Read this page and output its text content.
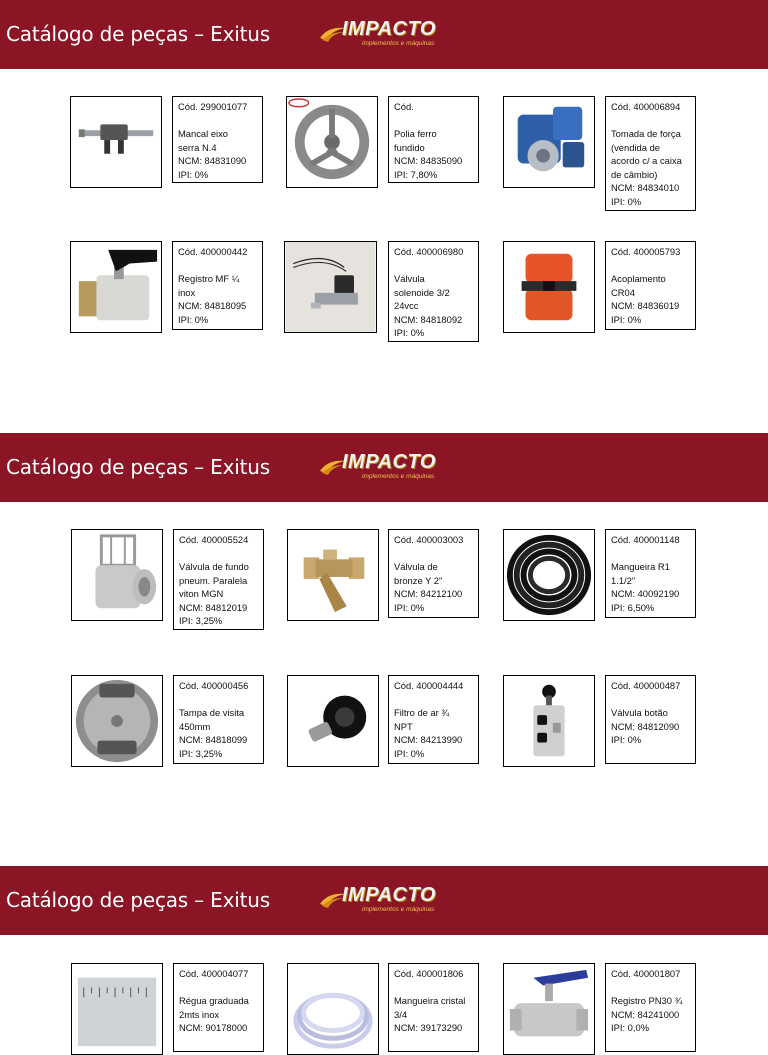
Catálogo de peças – Exitus	IMPACTO
implementos e máquinas
Cód. 299001077
Mancal eixo
serra N.4
NCM: 84831090
IPI: 0%
Cód.
Polia ferro
fundido
NCM: 84835090
IPI: 7,80%
Cód. 400006894
Tomada de força
(vendida de
acordo c/ a caixa
de câmbio)
NCM: 84834010
IPI: 0%
Cód. 400000442
Registro MF ¼
inox
NCM: 84818095
IPI: 0%
Cód. 400006980
Válvula
solenoide 3/2
24vcc
NCM: 84818092
IPI: 0%
Cód. 400005793
Acoplamento
CR04
NCM: 84836019
IPI: 0%
Catálogo de peças – Exitus	IMPACTO
implementos e máquinas
Cód. 400005524
Válvula de fundo
pneum. Paralela
viton MGN
NCM: 84812019
IPI: 3,25%
Cód. 400003003
Válvula de
bronze Y 2"
NCM: 84212100
IPI: 0%
Cód. 400001148
Mangueira R1
1.1/2"
NCM: 40092190
IPI: 6,50%
Cód. 400000456
Tampa de visita
450mm
NCM: 84818099
IPI: 3,25%
Cód. 400004444
Filtro de ar ¾
NPT
NCM: 84213990
IPI: 0%
Cód. 400000487
Válvula botão
NCM: 84812090
IPI: 0%
Catálogo de peças – Exitus	IMPACTO
implementos e máquinas
Cód. 400004077
Régua graduada
2mts inox
NCM: 90178000
Cód. 400001806
Mangueira cristal
3/4
NCM: 39173290
Cód. 400001807
Registro PN30 ¾
NCM: 84241000
IPI: 0,0%
